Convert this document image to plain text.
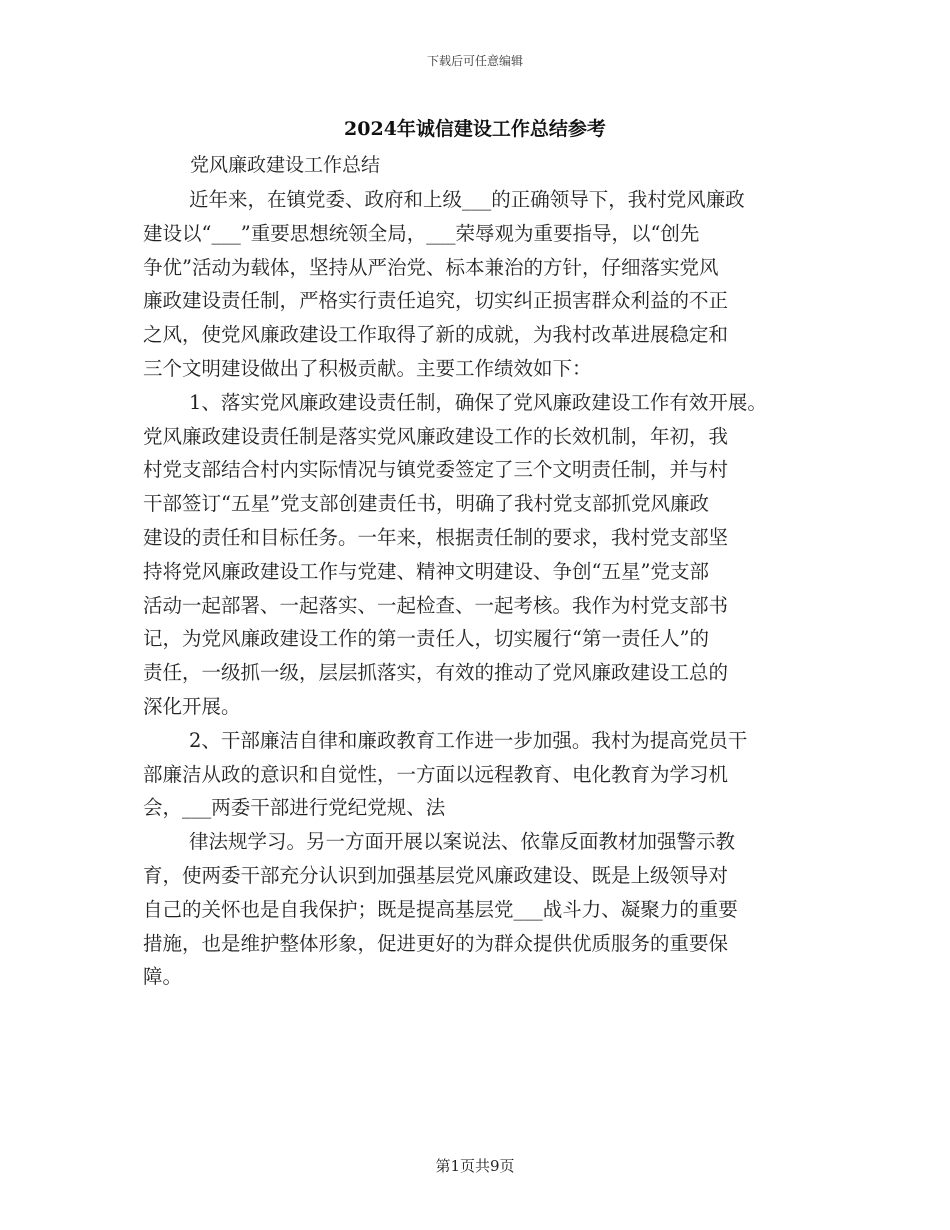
下载后可任意编辑
2024年诚信建设工作总结参考
党风廉政建设工作总结
近年来，在镇党委、政府和上级___的正确领导下，我村党风廉政
建设以“___”重要思想统领全局，___荣辱观为重要指导，以“创先
争优”活动为载体，坚持从严治党、标本兼治的方针，仔细落实党风
廉政建设责任制，严格实行责任追究，切实纠正损害群众利益的不正
之风，使党风廉政建设工作取得了新的成就，为我村改革进展稳定和
三个文明建设做出了积极贡献。主要工作绩效如下：
1、落实党风廉政建设责任制，确保了党风廉政建设工作有效开展。
党风廉政建设责任制是落实党风廉政建设工作的长效机制，年初，我
村党支部结合村内实际情况与镇党委签定了三个文明责任制，并与村
干部签订“五星”党支部创建责任书，明确了我村党支部抓党风廉政
建设的责任和目标任务。一年来，根据责任制的要求，我村党支部坚
持将党风廉政建设工作与党建、精神文明建设、争创“五星”党支部
活动一起部署、一起落实、一起检查、一起考核。我作为村党支部书
记，为党风廉政建设工作的第一责任人，切实履行“第一责任人”的
责任，一级抓一级，层层抓落实，有效的推动了党风廉政建设工总的
深化开展。
2、干部廉洁自律和廉政教育工作进一步加强。我村为提高党员干
部廉洁从政的意识和自觉性，一方面以远程教育、电化教育为学习机
会，___两委干部进行党纪党规、法
律法规学习。另一方面开展以案说法、依靠反面教材加强警示教
育，使两委干部充分认识到加强基层党风廉政建设、既是上级领导对
自己的关怀也是自我保护；既是提高基层党___战斗力、凝聚力的重要
措施，也是维护整体形象，促进更好的为群众提供优质服务的重要保
障。
第1页共9页
